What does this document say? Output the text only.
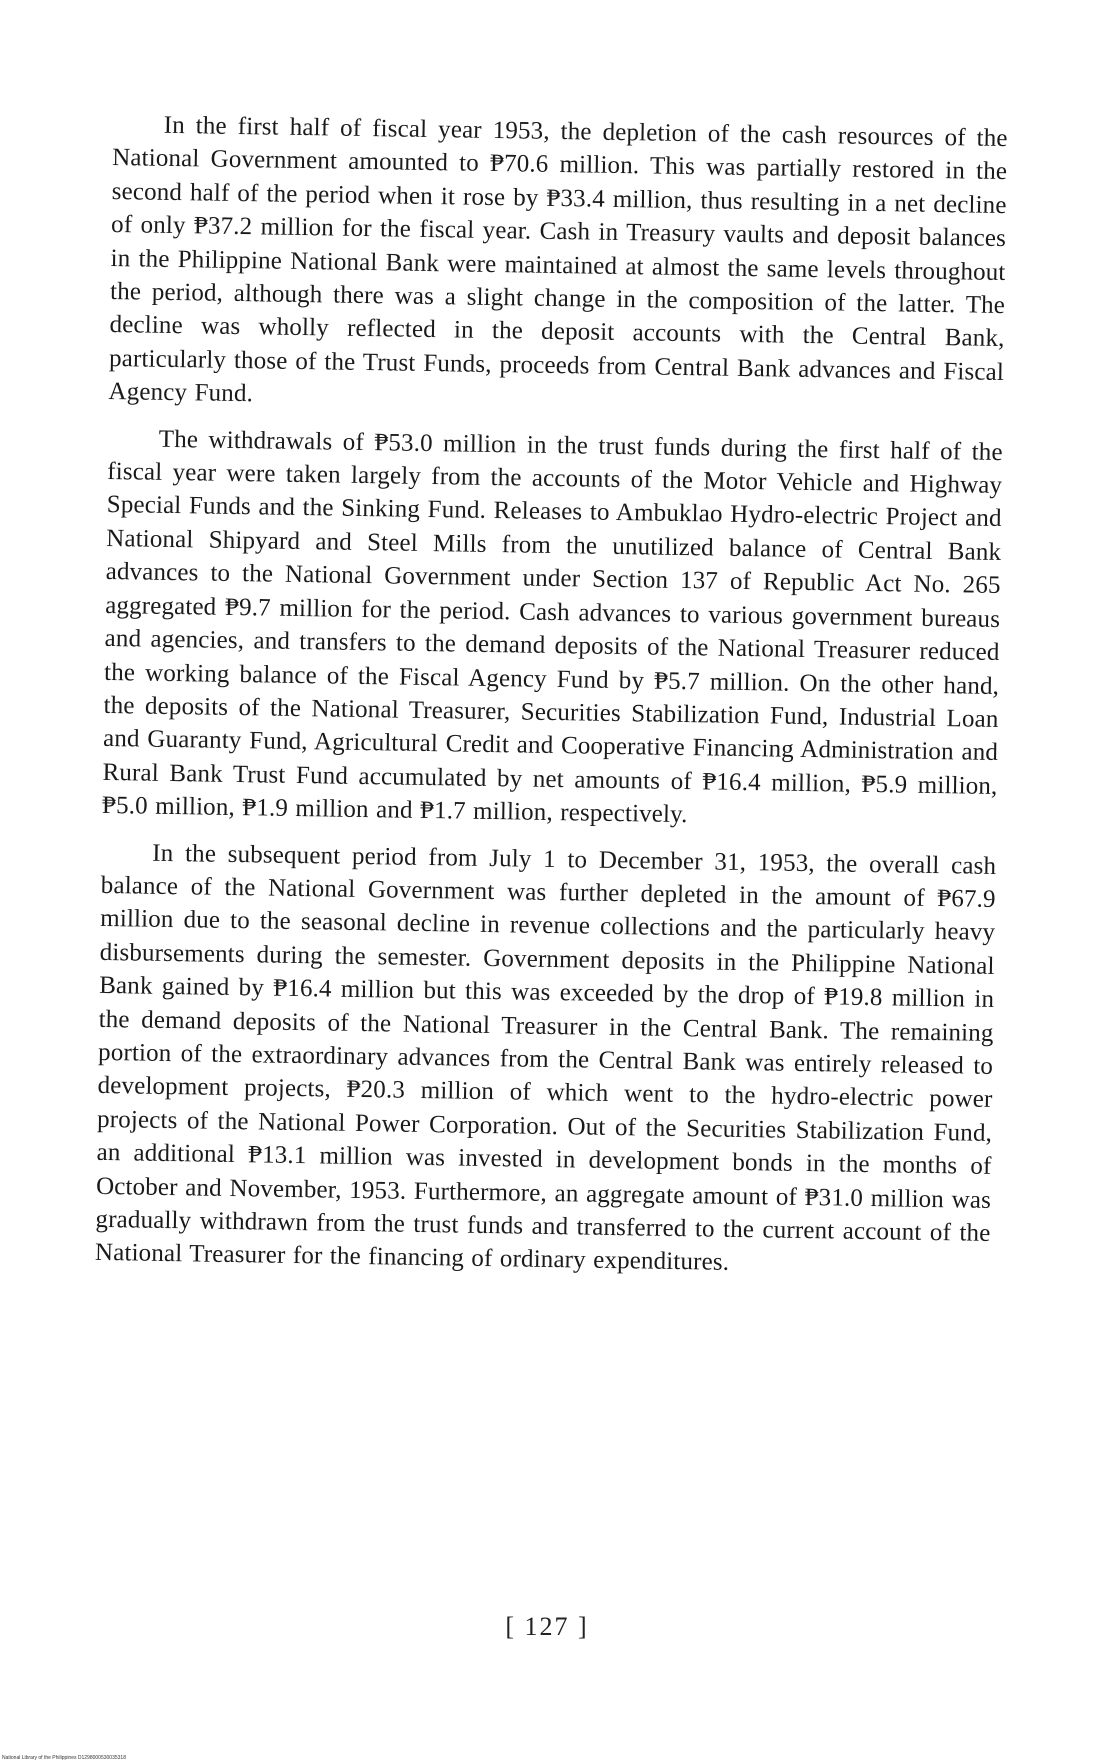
In the first half of fiscal year 1953, the depletion of the cash resources of the National Government amounted to ₱70.6 million. This was partially restored in the second half of the period when it rose by ₱33.4 million, thus resulting in a net decline of only ₱37.2 million for the fiscal year. Cash in Treasury vaults and deposit balances in the Philippine National Bank were maintained at almost the same levels throughout the period, although there was a slight change in the composition of the latter. The decline was wholly reflected in the deposit accounts with the Central Bank, particularly those of the Trust Funds, proceeds from Central Bank advances and Fiscal Agency Fund.

The withdrawals of ₱53.0 million in the trust funds during the first half of the fiscal year were taken largely from the accounts of the Motor Vehicle and Highway Special Funds and the Sinking Fund. Releases to Ambuklao Hydro-electric Project and National Shipyard and Steel Mills from the unutilized balance of Central Bank advances to the National Government under Section 137 of Republic Act No. 265 aggregated ₱9.7 million for the period. Cash advances to various government bureaus and agencies, and transfers to the demand deposits of the National Treasurer reduced the working balance of the Fiscal Agency Fund by ₱5.7 million. On the other hand, the deposits of the National Treasurer, Securities Stabilization Fund, Industrial Loan and Guaranty Fund, Agricultural Credit and Cooperative Financing Administration and Rural Bank Trust Fund accumulated by net amounts of ₱16.4 million, ₱5.9 million, ₱5.0 million, ₱1.9 million and ₱1.7 million, respectively.

In the subsequent period from July 1 to December 31, 1953, the overall cash balance of the National Government was further depleted in the amount of ₱67.9 million due to the seasonal decline in revenue collections and the particularly heavy disbursements during the semester. Government deposits in the Philippine National Bank gained by ₱16.4 million but this was exceeded by the drop of ₱19.8 million in the demand deposits of the National Treasurer in the Central Bank. The remaining portion of the extraordinary advances from the Central Bank was entirely released to development projects, ₱20.3 million of which went to the hydro-electric power projects of the National Power Corporation. Out of the Securities Stabilization Fund, an additional ₱13.1 million was invested in development bonds in the months of October and November, 1953. Furthermore, an aggregate amount of ₱31.0 million was gradually withdrawn from the trust funds and transferred to the current account of the National Treasurer for the financing of ordinary expenditures.

[ 127 ]
National Library of the Philippines D1298000530035318
